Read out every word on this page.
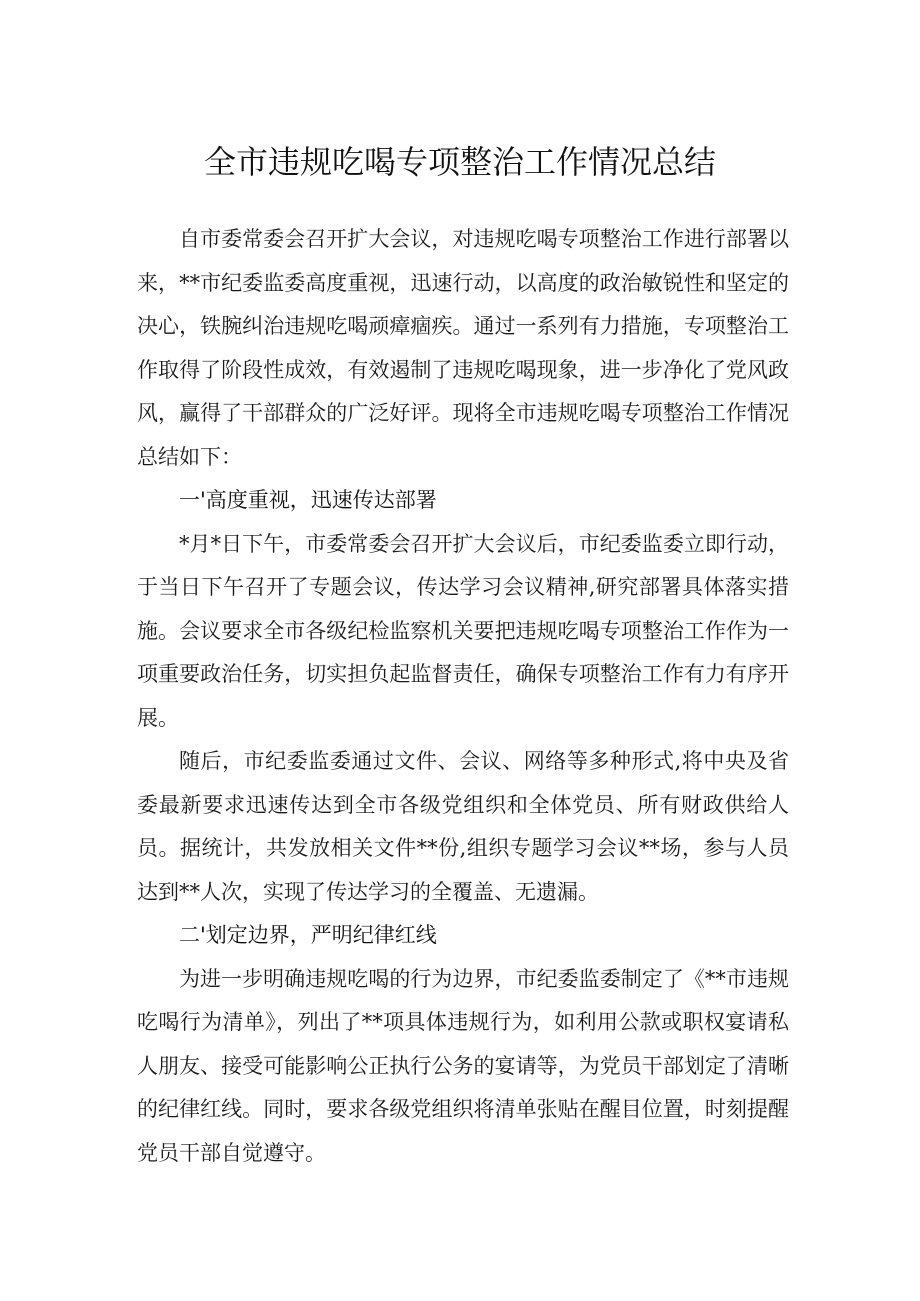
全市违规吃喝专项整治工作情况总结

自市委常委会召开扩大会议，对违规吃喝专项整治工作进行部署以来，**市纪委监委高度重视，迅速行动，以高度的政治敏锐性和坚定的决心，铁腕纠治违规吃喝顽瘴痼疾。通过一系列有力措施，专项整治工作取得了阶段性成效，有效遏制了违规吃喝现象，进一步净化了党风政风，赢得了干部群众的广泛好评。现将全市违规吃喝专项整治工作情况总结如下：

一'高度重视，迅速传达部署

*月*日下午，市委常委会召开扩大会议后，市纪委监委立即行动，于当日下午召开了专题会议，传达学习会议精神,研究部署具体落实措施。会议要求全市各级纪检监察机关要把违规吃喝专项整治工作作为一项重要政治任务，切实担负起监督责任，确保专项整治工作有力有序开展。

随后，市纪委监委通过文件、会议、网络等多种形式,将中央及省委最新要求迅速传达到全市各级党组织和全体党员、所有财政供给人员。据统计，共发放相关文件**份,组织专题学习会议**场，参与人员达到**人次，实现了传达学习的全覆盖、无遗漏。

二'划定边界，严明纪律红线

为进一步明确违规吃喝的行为边界，市纪委监委制定了《**市违规吃喝行为清单》，列出了**项具体违规行为，如利用公款或职权宴请私人朋友、接受可能影响公正执行公务的宴请等，为党员干部划定了清晰的纪律红线。同时，要求各级党组织将清单张贴在醒目位置，时刻提醒党员干部自觉遵守。
